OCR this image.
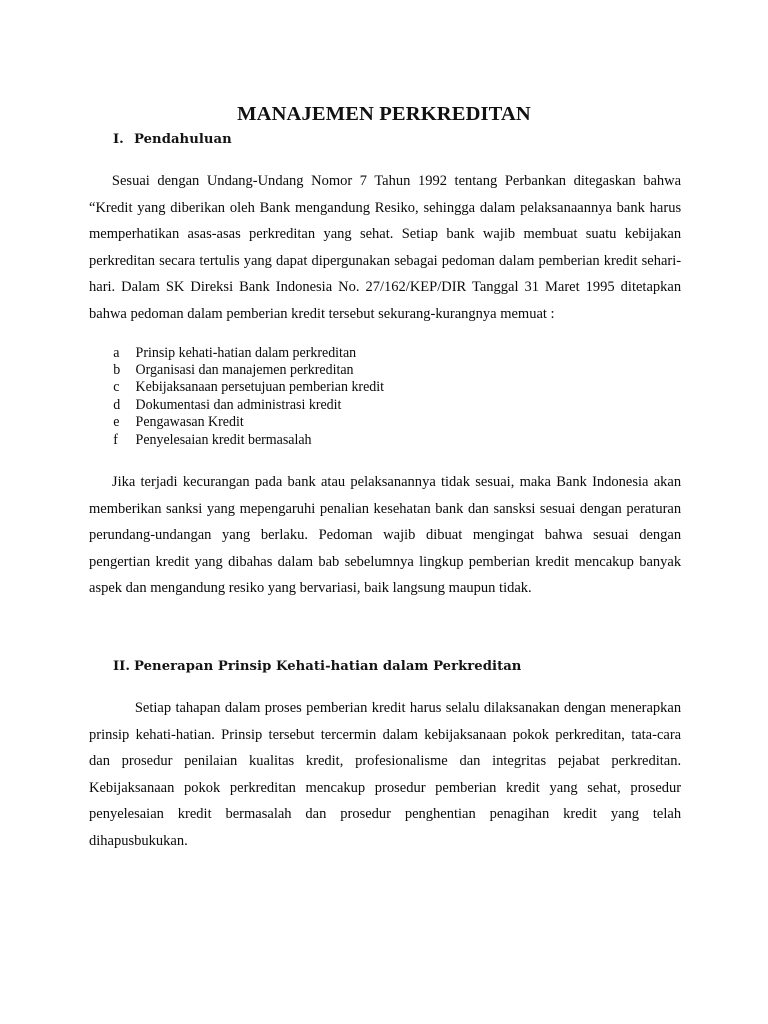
MANAJEMEN PERKREDITAN
I. Pendahuluan

Sesuai dengan Undang-Undang Nomor 7 Tahun 1992 tentang Perbankan ditegaskan bahwa “Kredit yang diberikan oleh Bank mengandung Resiko, sehingga dalam pelaksanaannya bank harus memperhatikan asas-asas perkreditan yang sehat. Setiap bank wajib membuat suatu kebijakan perkreditan secara tertulis yang dapat dipergunakan sebagai pedoman dalam pemberian kredit sehari-hari. Dalam SK Direksi Bank Indonesia No. 27/162/KEP/DIR Tanggal 31 Maret 1995 ditetapkan bahwa pedoman dalam pemberian kredit tersebut sekurang-kurangnya memuat :

a	Prinsip kehati-hatian dalam perkreditan
b	Organisasi dan manajemen perkreditan
c	Kebijaksanaan persetujuan pemberian kredit
d	Dokumentasi dan administrasi kredit
e	Pengawasan Kredit
f	Penyelesaian kredit bermasalah

Jika terjadi kecurangan pada bank atau pelaksanannya tidak sesuai, maka Bank Indonesia akan memberikan sanksi yang mepengaruhi penalian kesehatan bank dan sansksi sesuai dengan peraturan perundang-undangan yang berlaku. Pedoman wajib dibuat mengingat bahwa sesuai dengan pengertian kredit yang dibahas dalam bab sebelumnya lingkup pemberian kredit mencakup banyak aspek dan mengandung resiko yang bervariasi, baik langsung maupun tidak.

II. Penerapan Prinsip Kehati-hatian dalam Perkreditan

Setiap tahapan dalam proses pemberian kredit harus selalu dilaksanakan dengan menerapkan prinsip kehati-hatian. Prinsip tersebut tercermin dalam kebijaksanaan pokok perkreditan, tata-cara dan prosedur penilaian kualitas kredit, profesionalisme dan integritas pejabat perkreditan. Kebijaksanaan pokok perkreditan mencakup prosedur pemberian kredit yang sehat, prosedur penyelesaian kredit bermasalah dan prosedur penghentian penagihan kredit yang telah dihapusbukukan.
